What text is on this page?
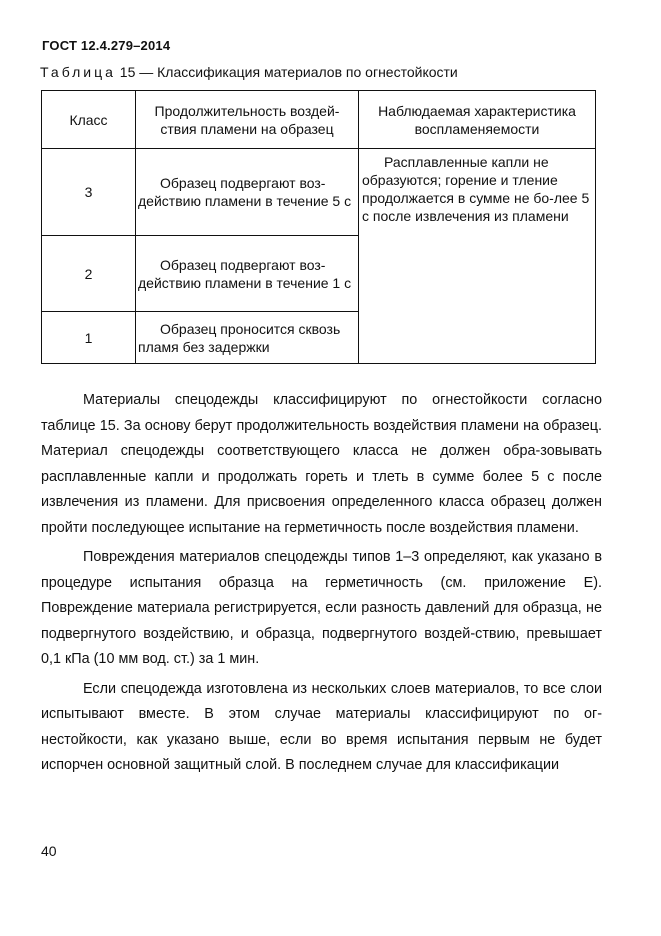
ГОСТ 12.4.279–2014
Таблица 15 — Классификация материалов по огнестойкости
Класс	Продолжительность воздей-ствия пламени на образец	Наблюдаемая характеристика воспламеняемости
3	Образец подвергают воз-действию пламени в течение 5 с	Расплавленные капли не образуются; горение и тление продолжается в сумме не бо-лее 5 с после извлечения из пламени

2	Образец подвергают воз-действию пламени в течение 1 с	

1	Образец проносится сквозь пламя без задержки	

Материалы спецодежды классифицируют по огнестойкости согласно таблице 15. За основу берут продолжительность воздействия пламени на образец. Материал спецодежды соответствующего класса не должен обра-зовывать расплавленные капли и продолжать гореть и тлеть в сумме более 5 с после извлечения из пламени. Для присвоения определенного класса образец должен пройти последующее испытание на герметичность после воздействия пламени.

Повреждения материалов спецодежды типов 1–3 определяют, как указано в процедуре испытания образца на герметичность (см. приложение Е). Повреждение материала регистрируется, если разность давлений для образца, не подвергнутого воздействию, и образца, подвергнутого воздей-ствию, превышает 0,1 кПа (10 мм вод. ст.) за 1 мин.

Если спецодежда изготовлена из нескольких слоев материалов, то все слои испытывают вместе. В этом случае материалы классифицируют по ог-нестойкости, как указано выше, если во время испытания первым не будет испорчен основной защитный слой. В последнем случае для классификации

40
